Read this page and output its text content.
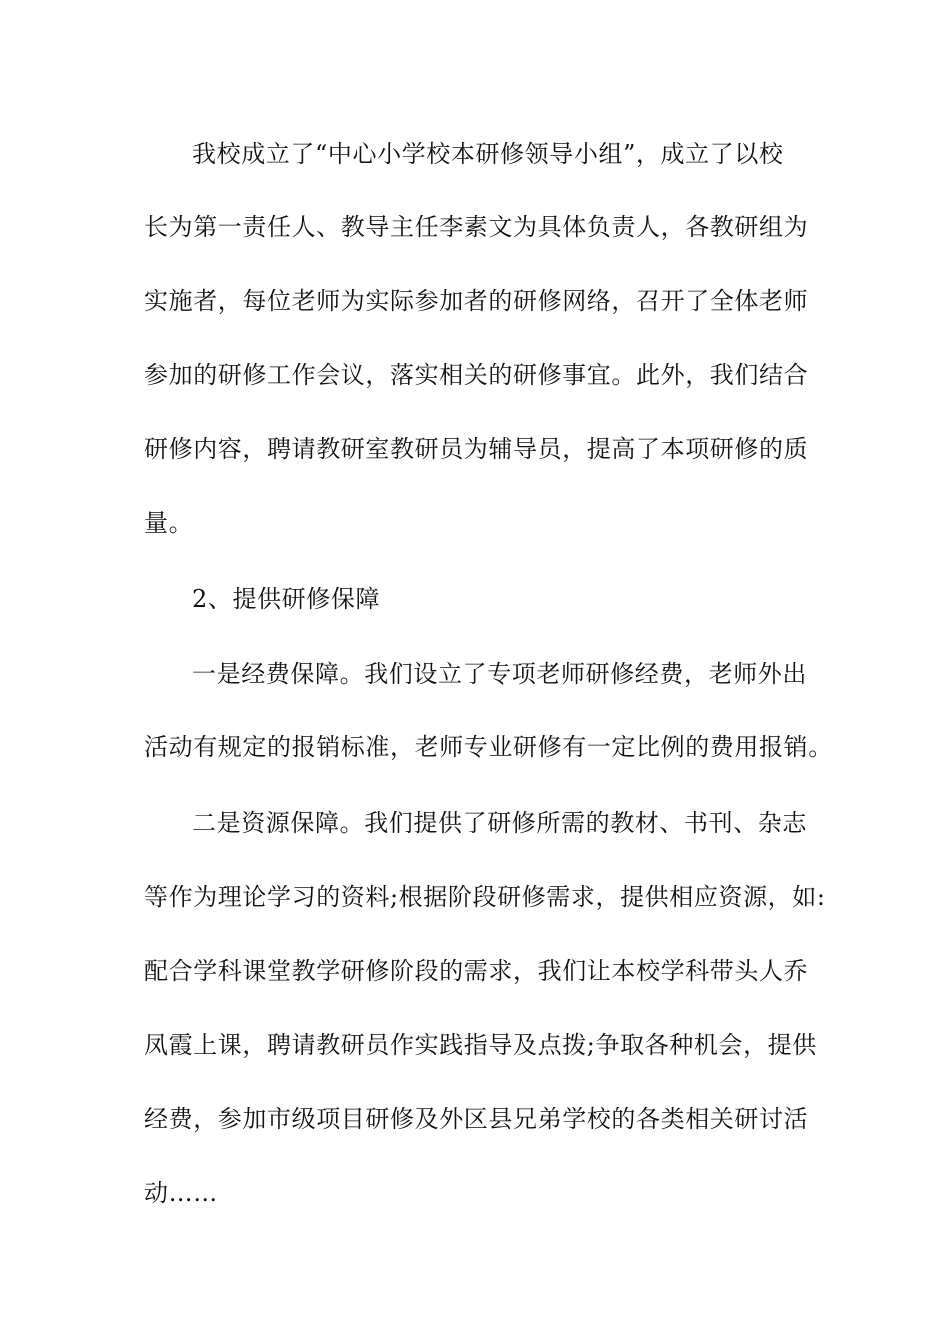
我校成立了“中心小学校本研修领导小组”，成立了以校
长为第一责任人、教导主任李素文为具体负责人，各教研组为
实施者，每位老师为实际参加者的研修网络，召开了全体老师
参加的研修工作会议，落实相关的研修事宜。此外，我们结合
研修内容，聘请教研室教研员为辅导员，提高了本项研修的质
量。
2、提供研修保障
一是经费保障。我们设立了专项老师研修经费，老师外出
活动有规定的报销标准，老师专业研修有一定比例的费用报销。
二是资源保障。我们提供了研修所需的教材、书刊、杂志
等作为理论学习的资料;根据阶段研修需求，提供相应资源，如:
配合学科课堂教学研修阶段的需求，我们让本校学科带头人乔
凤霞上课，聘请教研员作实践指导及点拨;争取各种机会，提供
经费，参加市级项目研修及外区县兄弟学校的各类相关研讨活
动……
